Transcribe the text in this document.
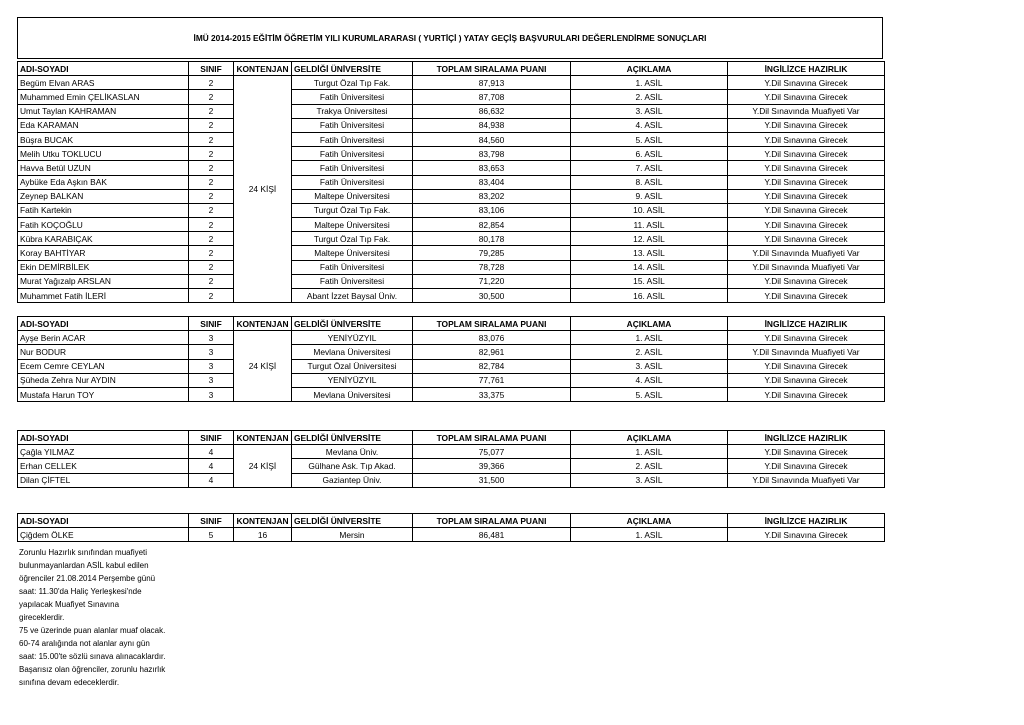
İMÜ 2014-2015 EĞİTİM ÖĞRETİM YILI KURUMLARARASI ( YURTİÇİ ) YATAY GEÇİŞ BAŞVURULARI DEĞERLENDİRME SONUÇLARI
ADI-SOYADI	SINIF	KONTENJAN	GELDİĞİ ÜNİVERSİTE	TOPLAM SIRALAMA PUANI	AÇIKLAMA	İNGİLİZCE HAZIRLIK
Begüm Elvan ARAS	2	24 KİŞİ	Turgut Özal Tıp Fak.	87,913	1. ASİL	Y.Dil Sınavına Girecek
Muhammed Emin ÇELİKASLAN	2		Fatih Üniversitesi	87,708	2. ASİL	Y.Dil Sınavına Girecek
Umut Taylan KAHRAMAN	2		Trakya Üniversitesi	86,632	3. ASİL	Y.Dil Sınavında Muafiyeti Var
Eda KARAMAN	2		Fatih Üniversitesi	84,938	4. ASİL	Y.Dil Sınavına Girecek
Büşra BUCAK	2		Fatih Üniversitesi	84,560	5. ASİL	Y.Dil Sınavına Girecek
Melih Utku TOKLUCU	2		Fatih Üniversitesi	83,798	6. ASİL	Y.Dil Sınavına Girecek
Havva Betül UZUN	2		Fatih Üniversitesi	83,653	7. ASİL	Y.Dil Sınavına Girecek
Aybüke Eda Aşkın BAK	2		Fatih Üniversitesi	83,404	8. ASİL	Y.Dil Sınavına Girecek
Zeynep BALKAN	2		Maltepe Üniversitesi	83,202	9. ASİL	Y.Dil Sınavına Girecek
Fatih Kartekin	2		Turgut Özal Tıp Fak.	83,106	10. ASİL	Y.Dil Sınavına Girecek
Fatih KOÇOĞLU	2		Maltepe Üniversitesi	82,854	11. ASİL	Y.Dil Sınavına Girecek
Kübra KARABIÇAK	2		Turgut Özal Tıp Fak.	80,178	12. ASİL	Y.Dil Sınavına Girecek
Koray BAHTİYAR	2		Maltepe Üniversitesi	79,285	13. ASİL	Y.Dil Sınavında Muafiyeti Var
Ekin DEMİRBİLEK	2		Fatih Üniversitesi	78,728	14. ASİL	Y.Dil Sınavında Muafiyeti Var
Murat Yağızalp ARSLAN	2		Fatih Üniversitesi	71,220	15. ASİL	Y.Dil Sınavına Girecek
Muhammet Fatih İLERİ	2		Abant İzzet Baysal Üniv.	30,500	16. ASİL	Y.Dil Sınavına Girecek
ADI-SOYADI	SINIF	KONTENJAN	GELDİĞİ ÜNİVERSİTE	TOPLAM SIRALAMA PUANI	AÇIKLAMA	İNGİLİZCE HAZIRLIK
Ayşe Berin ACAR	3	24 KİŞİ	YENİYÜZYIL	83,076	1. ASİL	Y.Dil Sınavına Girecek
Nur BODUR	3		Mevlana Üniversitesi	82,961	2. ASİL	Y.Dil Sınavında Muafiyeti Var
Ecem Cemre CEYLAN	3		Turgut Özal Üniversitesi	82,784	3. ASİL	Y.Dil Sınavına Girecek
Şüheda Zehra Nur AYDIN	3		YENİYÜZYIL	77,761	4. ASİL	Y.Dil Sınavına Girecek
Mustafa Harun TOY	3		Mevlana Üniversitesi	33,375	5. ASİL	Y.Dil Sınavına Girecek
ADI-SOYADI	SINIF	KONTENJAN	GELDİĞİ ÜNİVERSİTE	TOPLAM SIRALAMA PUANI	AÇIKLAMA	İNGİLİZCE HAZIRLIK
Çağla YILMAZ	4	24 KİŞİ	Mevlana Üniv.	75,077	1. ASİL	Y.Dil Sınavına Girecek
Erhan CELLEK	4		Gülhane Ask. Tıp Akad.	39,366	2. ASİL	Y.Dil Sınavına Girecek
Dilan ÇİFTEL	4		Gaziantep Üniv.	31,500	3. ASİL	Y.Dil Sınavında Muafiyeti Var
ADI-SOYADI	SINIF	KONTENJAN	GELDİĞİ ÜNİVERSİTE	TOPLAM SIRALAMA PUANI	AÇIKLAMA	İNGİLİZCE HAZIRLIK
Çiğdem ÖLKE	5	16	Mersin	86,481	1. ASİL	Y.Dil Sınavına Girecek
Zorunlu Hazırlık sınıfından muafiyeti
bulunmayanlardan ASİL kabul edilen
öğrenciler 21.08.2014 Perşembe günü
saat: 11.30'da Haliç Yerleşkesi'nde
yapılacak Muafiyet Sınavına
gireceklerdir.
75 ve üzerinde puan alanlar muaf olacak.
60-74 aralığında not alanlar aynı gün
saat: 15.00'te sözlü sınava alınacaklardır.
Başarısız olan öğrenciler, zorunlu hazırlık
sınıfına devam edeceklerdir.
